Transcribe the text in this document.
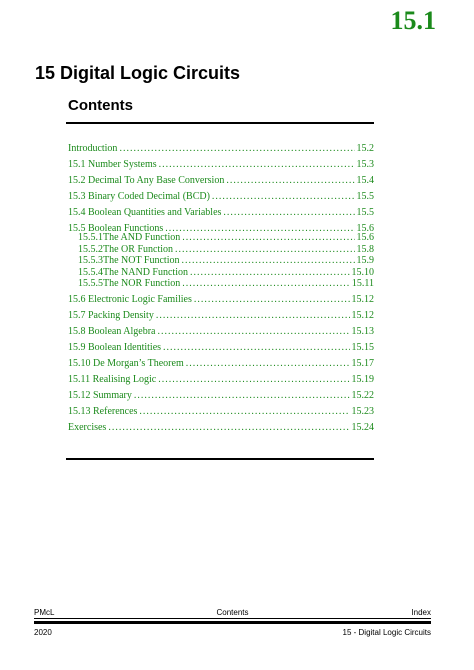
15.1
15 Digital Logic Circuits
Contents
Introduction .....	15.2
15.1 Number Systems .....	15.3
15.2 Decimal To Any Base Conversion .....	15.4
15.3 Binary Coded Decimal (BCD) .....	15.5
15.4 Boolean Quantities and Variables .....	15.5
15.5 Boolean Functions .....	15.6
15.5.1 The AND Function .....	15.6
15.5.2 The OR Function .....	15.8
15.5.3 The NOT Function .....	15.9
15.5.4 The NAND Function .....	15.10
15.5.5 The NOR Function .....	15.11
15.6 Electronic Logic Families .....	15.12
15.7 Packing Density .....	15.12
15.8 Boolean Algebra .....	15.13
15.9 Boolean Identities .....	15.15
15.10 De Morgan’s Theorem .....	15.17
15.11 Realising Logic .....	15.19
15.12 Summary .....	15.22
15.13 References .....	15.23
Exercises .....	15.24
PMcL	Contents	Index
2020	15 - Digital Logic Circuits
